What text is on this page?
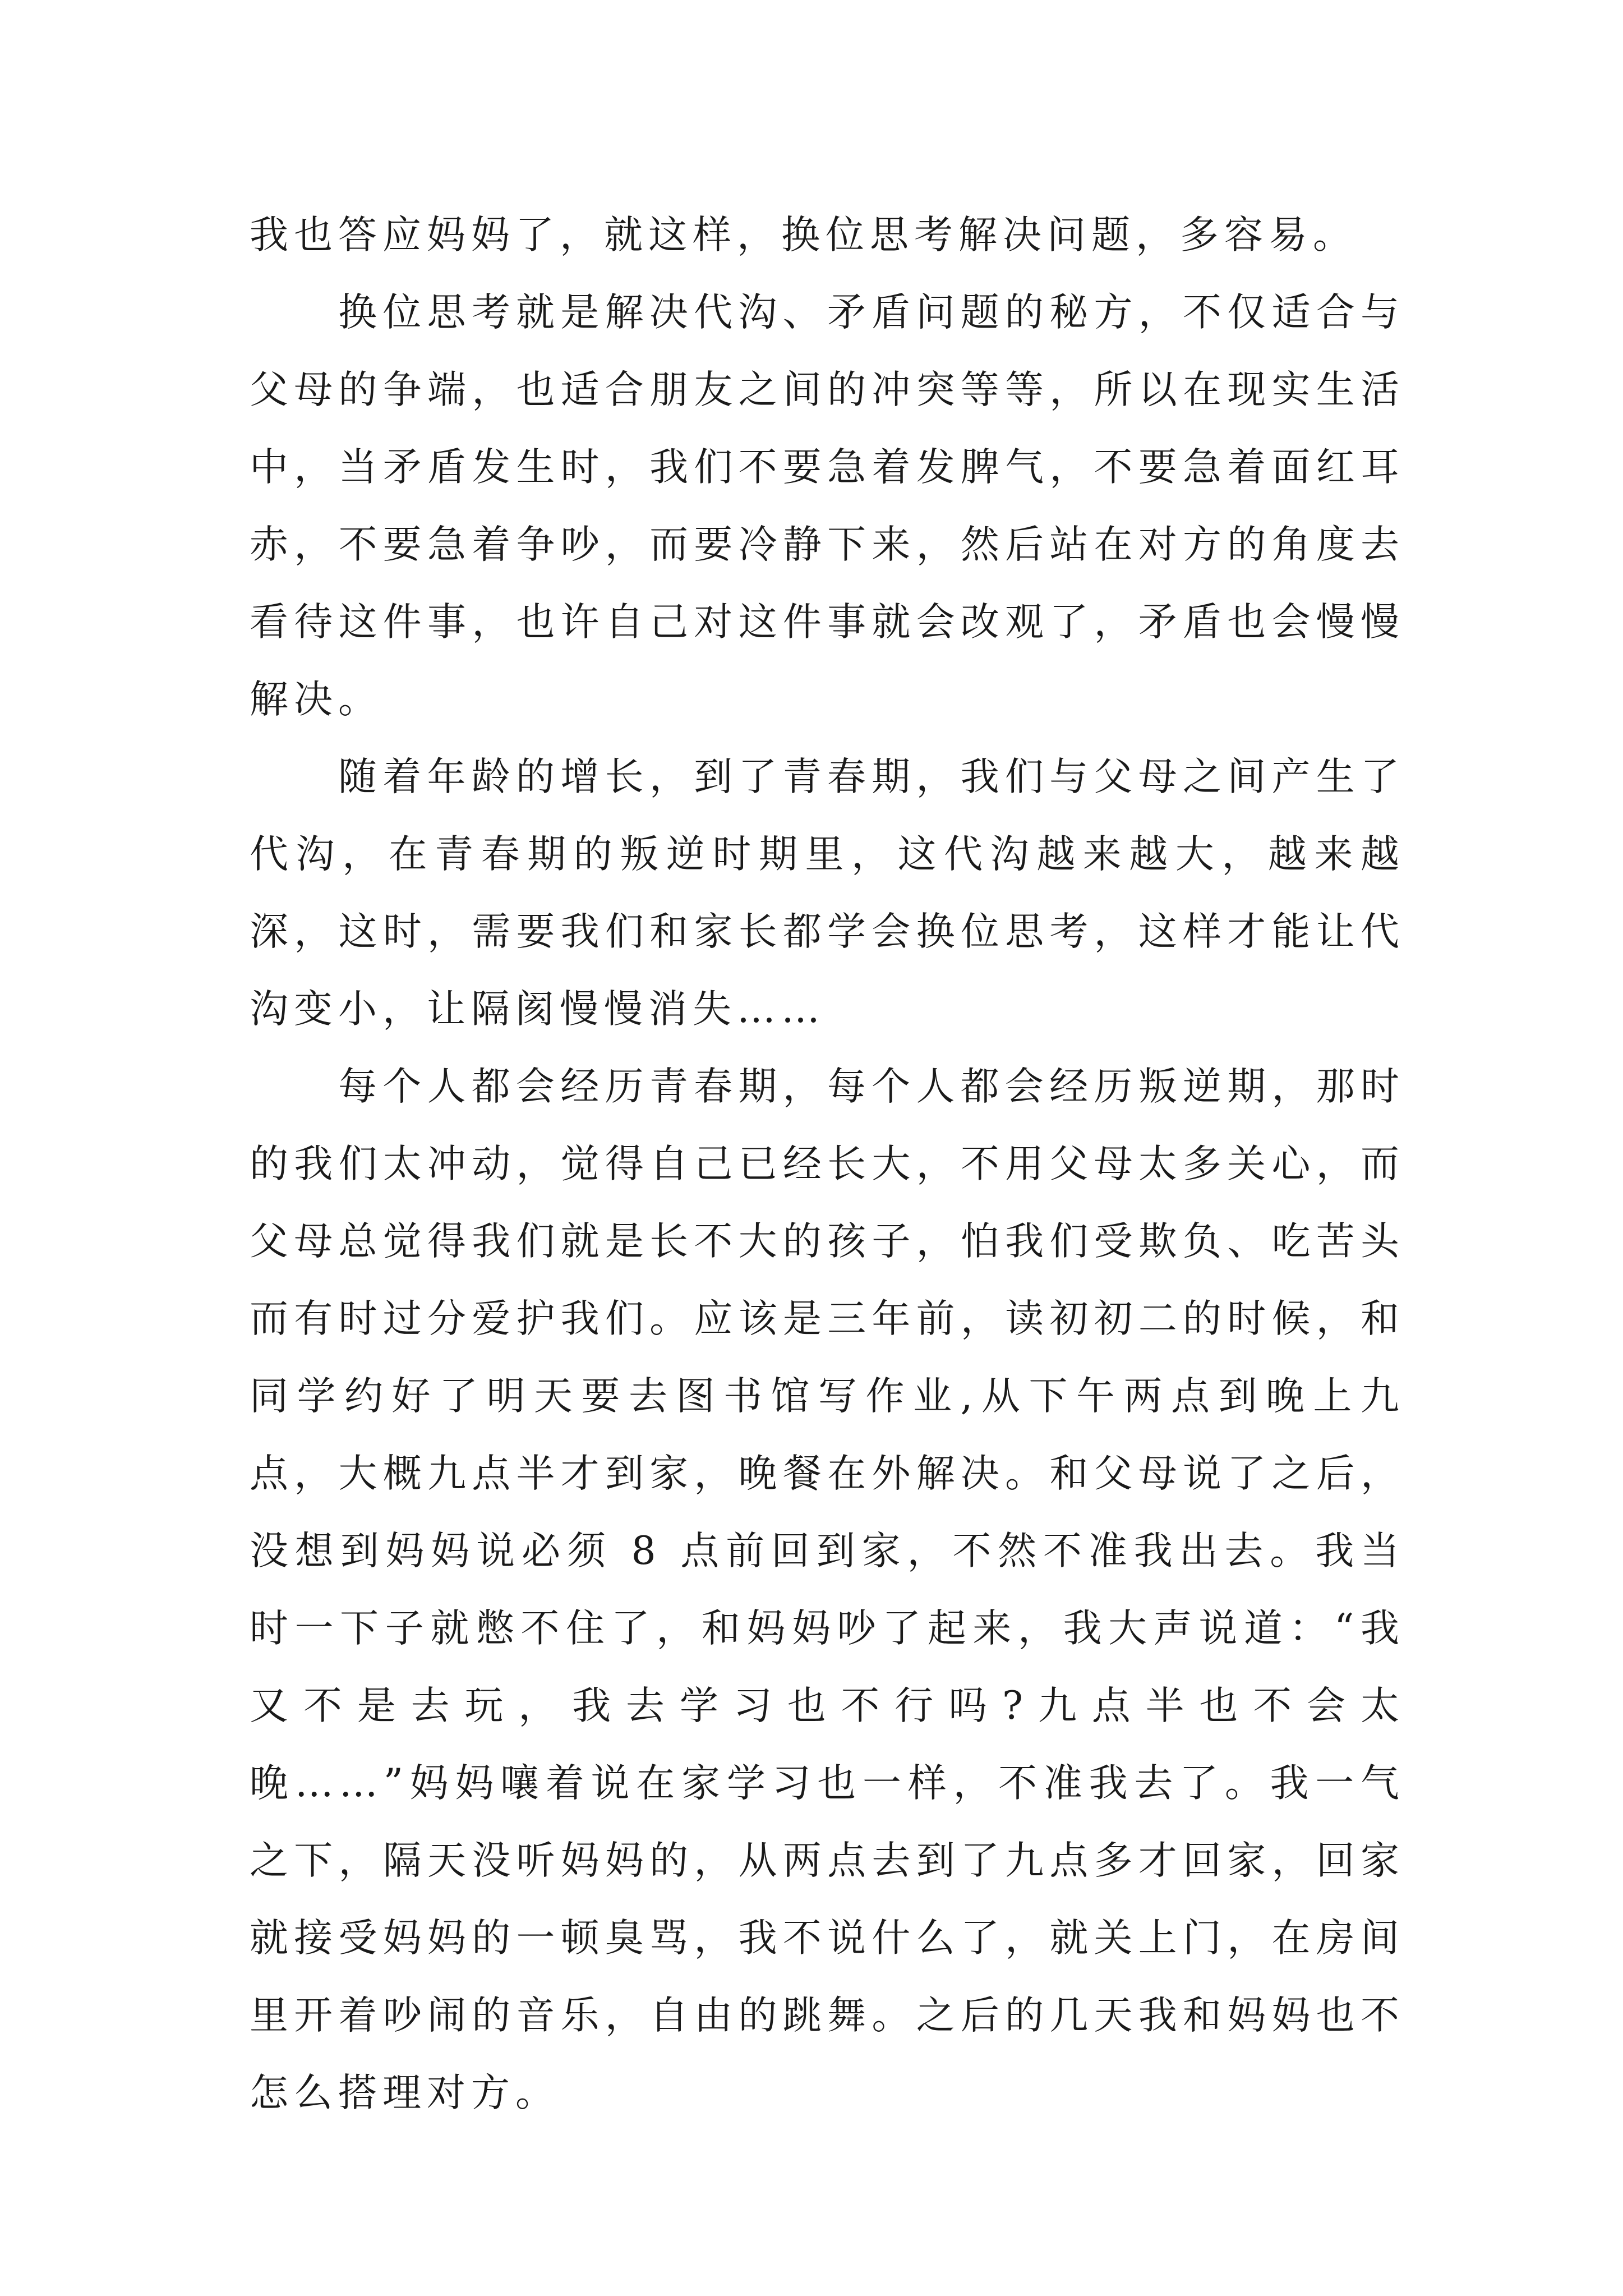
我也答应妈妈了，就这样，换位思考解决问题，多容易。

换位思考就是解决代沟、矛盾问题的秘方，不仅适合与父母的争端，也适合朋友之间的冲突等等，所以在现实生活中，当矛盾发生时，我们不要急着发脾气，不要急着面红耳赤，不要急着争吵，而要冷静下来，然后站在对方的角度去看待这件事，也许自己对这件事就会改观了，矛盾也会慢慢解决。

随着年龄的增长，到了青春期，我们与父母之间产生了代沟，在青春期的叛逆时期里，这代沟越来越大，越来越深，这时，需要我们和家长都学会换位思考，这样才能让代沟变小，让隔阂慢慢消失……

每个人都会经历青春期，每个人都会经历叛逆期，那时的我们太冲动，觉得自己已经长大，不用父母太多关心，而父母总觉得我们就是长不大的孩子，怕我们受欺负、吃苦头而有时过分爱护我们。应该是三年前，读初初二的时候，和同学约好了明天要去图书馆写作业,从下午两点到晚上九点，大概九点半才到家，晚餐在外解决。和父母说了之后，没想到妈妈说必须 8 点前回到家，不然不准我出去。我当时一下子就憋不住了，和妈妈吵了起来，我大声说道：“我又不是去玩，我去学习也不行吗?九点半也不会太晚……”妈妈嚷着说在家学习也一样，不准我去了。我一气之下，隔天没听妈妈的，从两点去到了九点多才回家，回家就接受妈妈的一顿臭骂，我不说什么了，就关上门，在房间里开着吵闹的音乐，自由的跳舞。之后的几天我和妈妈也不怎么搭理对方。
